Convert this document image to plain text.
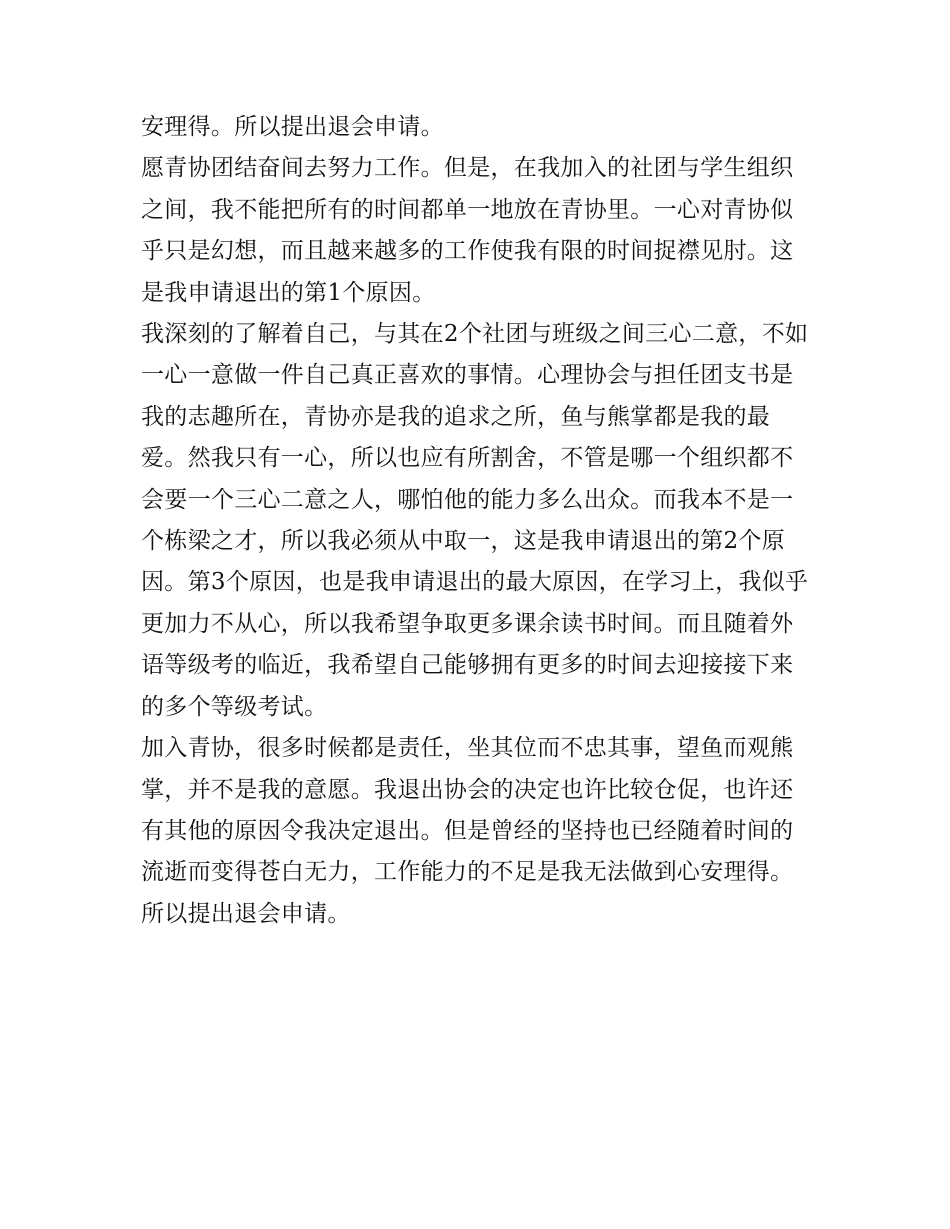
安理得。所以提出退会申请。

愿青协团结奋间去努力工作。但是，在我加入的社团与学生组织之间，我不能把所有的时间都单一地放在青协里。一心对青协似乎只是幻想，而且越来越多的工作使我有限的时间捉襟见肘。这是我申请退出的第1个原因。

我深刻的了解着自己，与其在2个社团与班级之间三心二意，不如一心一意做一件自己真正喜欢的事情。心理协会与担任团支书是我的志趣所在，青协亦是我的追求之所，鱼与熊掌都是我的最爱。然我只有一心，所以也应有所割舍，不管是哪一个组织都不会要一个三心二意之人，哪怕他的能力多么出众。而我本不是一个栋梁之才，所以我必须从中取一，这是我申请退出的第2个原因。第3个原因，也是我申请退出的最大原因，在学习上，我似乎更加力不从心，所以我希望争取更多课余读书时间。而且随着外语等级考的临近，我希望自己能够拥有更多的时间去迎接接下来的多个等级考试。

加入青协，很多时候都是责任，坐其位而不忠其事，望鱼而观熊掌，并不是我的意愿。我退出协会的决定也许比较仓促，也许还有其他的原因令我决定退出。但是曾经的坚持也已经随着时间的流逝而变得苍白无力，工作能力的不足是我无法做到心安理得。所以提出退会申请。
